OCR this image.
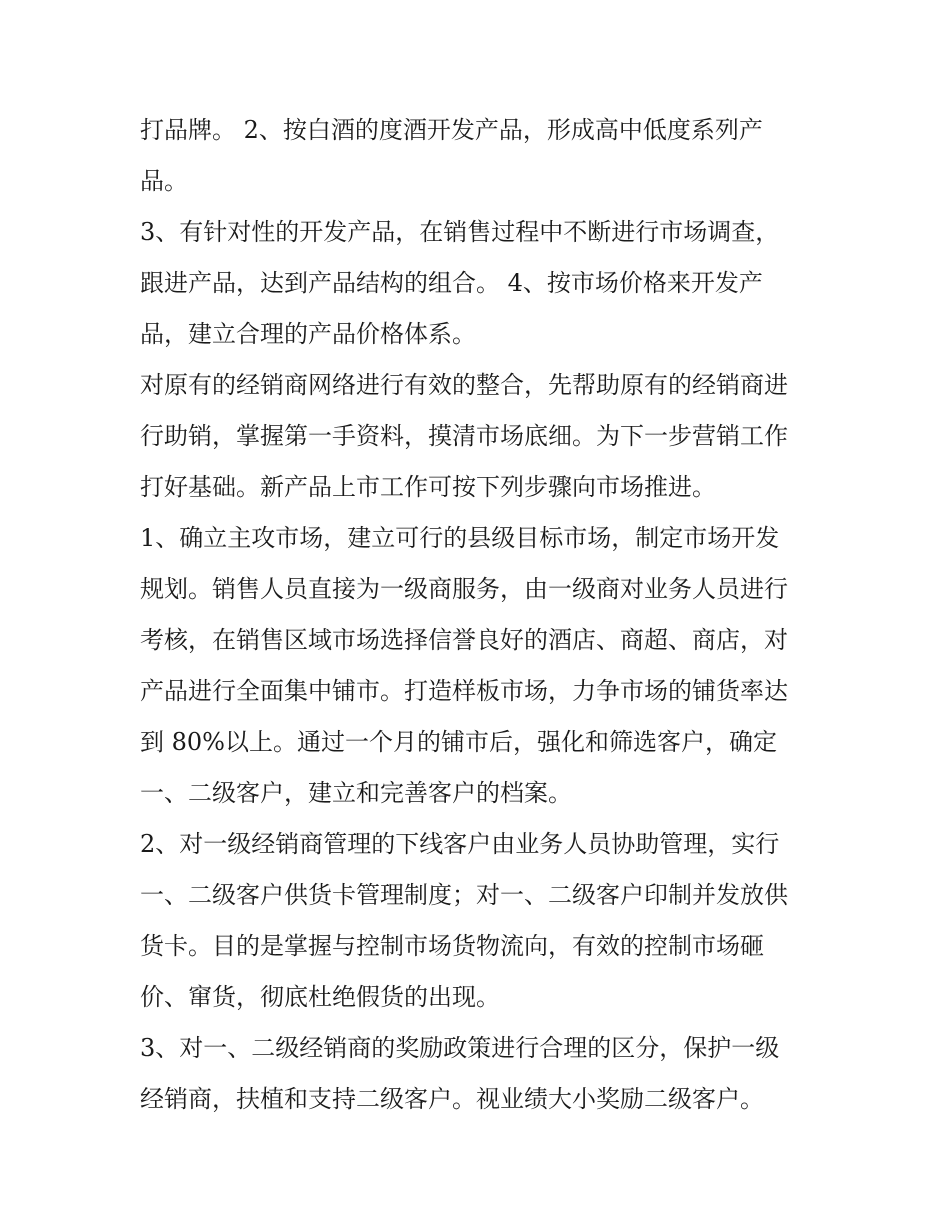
打品牌。 2、按白酒的度酒开发产品，形成高中低度系列产
品。
3、有针对性的开发产品，在销售过程中不断进行市场调查，
跟进产品，达到产品结构的组合。 4、按市场价格来开发产
品，建立合理的产品价格体系。
对原有的经销商网络进行有效的整合，先帮助原有的经销商进
行助销，掌握第一手资料，摸清市场底细。为下一步营销工作
打好基础。新产品上市工作可按下列步骤向市场推进。
1、确立主攻市场，建立可行的县级目标市场，制定市场开发
规划。销售人员直接为一级商服务，由一级商对业务人员进行
考核，在销售区域市场选择信誉良好的酒店、商超、商店，对
产品进行全面集中铺市。打造样板市场，力争市场的铺货率达
到 80%以上。通过一个月的铺市后，强化和筛选客户，确定
一、二级客户，建立和完善客户的档案。
2、对一级经销商管理的下线客户由业务人员协助管理，实行
一、二级客户供货卡管理制度；对一、二级客户印制并发放供
货卡。目的是掌握与控制市场货物流向，有效的控制市场砸
价、窜货，彻底杜绝假货的出现。
3、对一、二级经销商的奖励政策进行合理的区分，保护一级
经销商，扶植和支持二级客户。视业绩大小奖励二级客户。
